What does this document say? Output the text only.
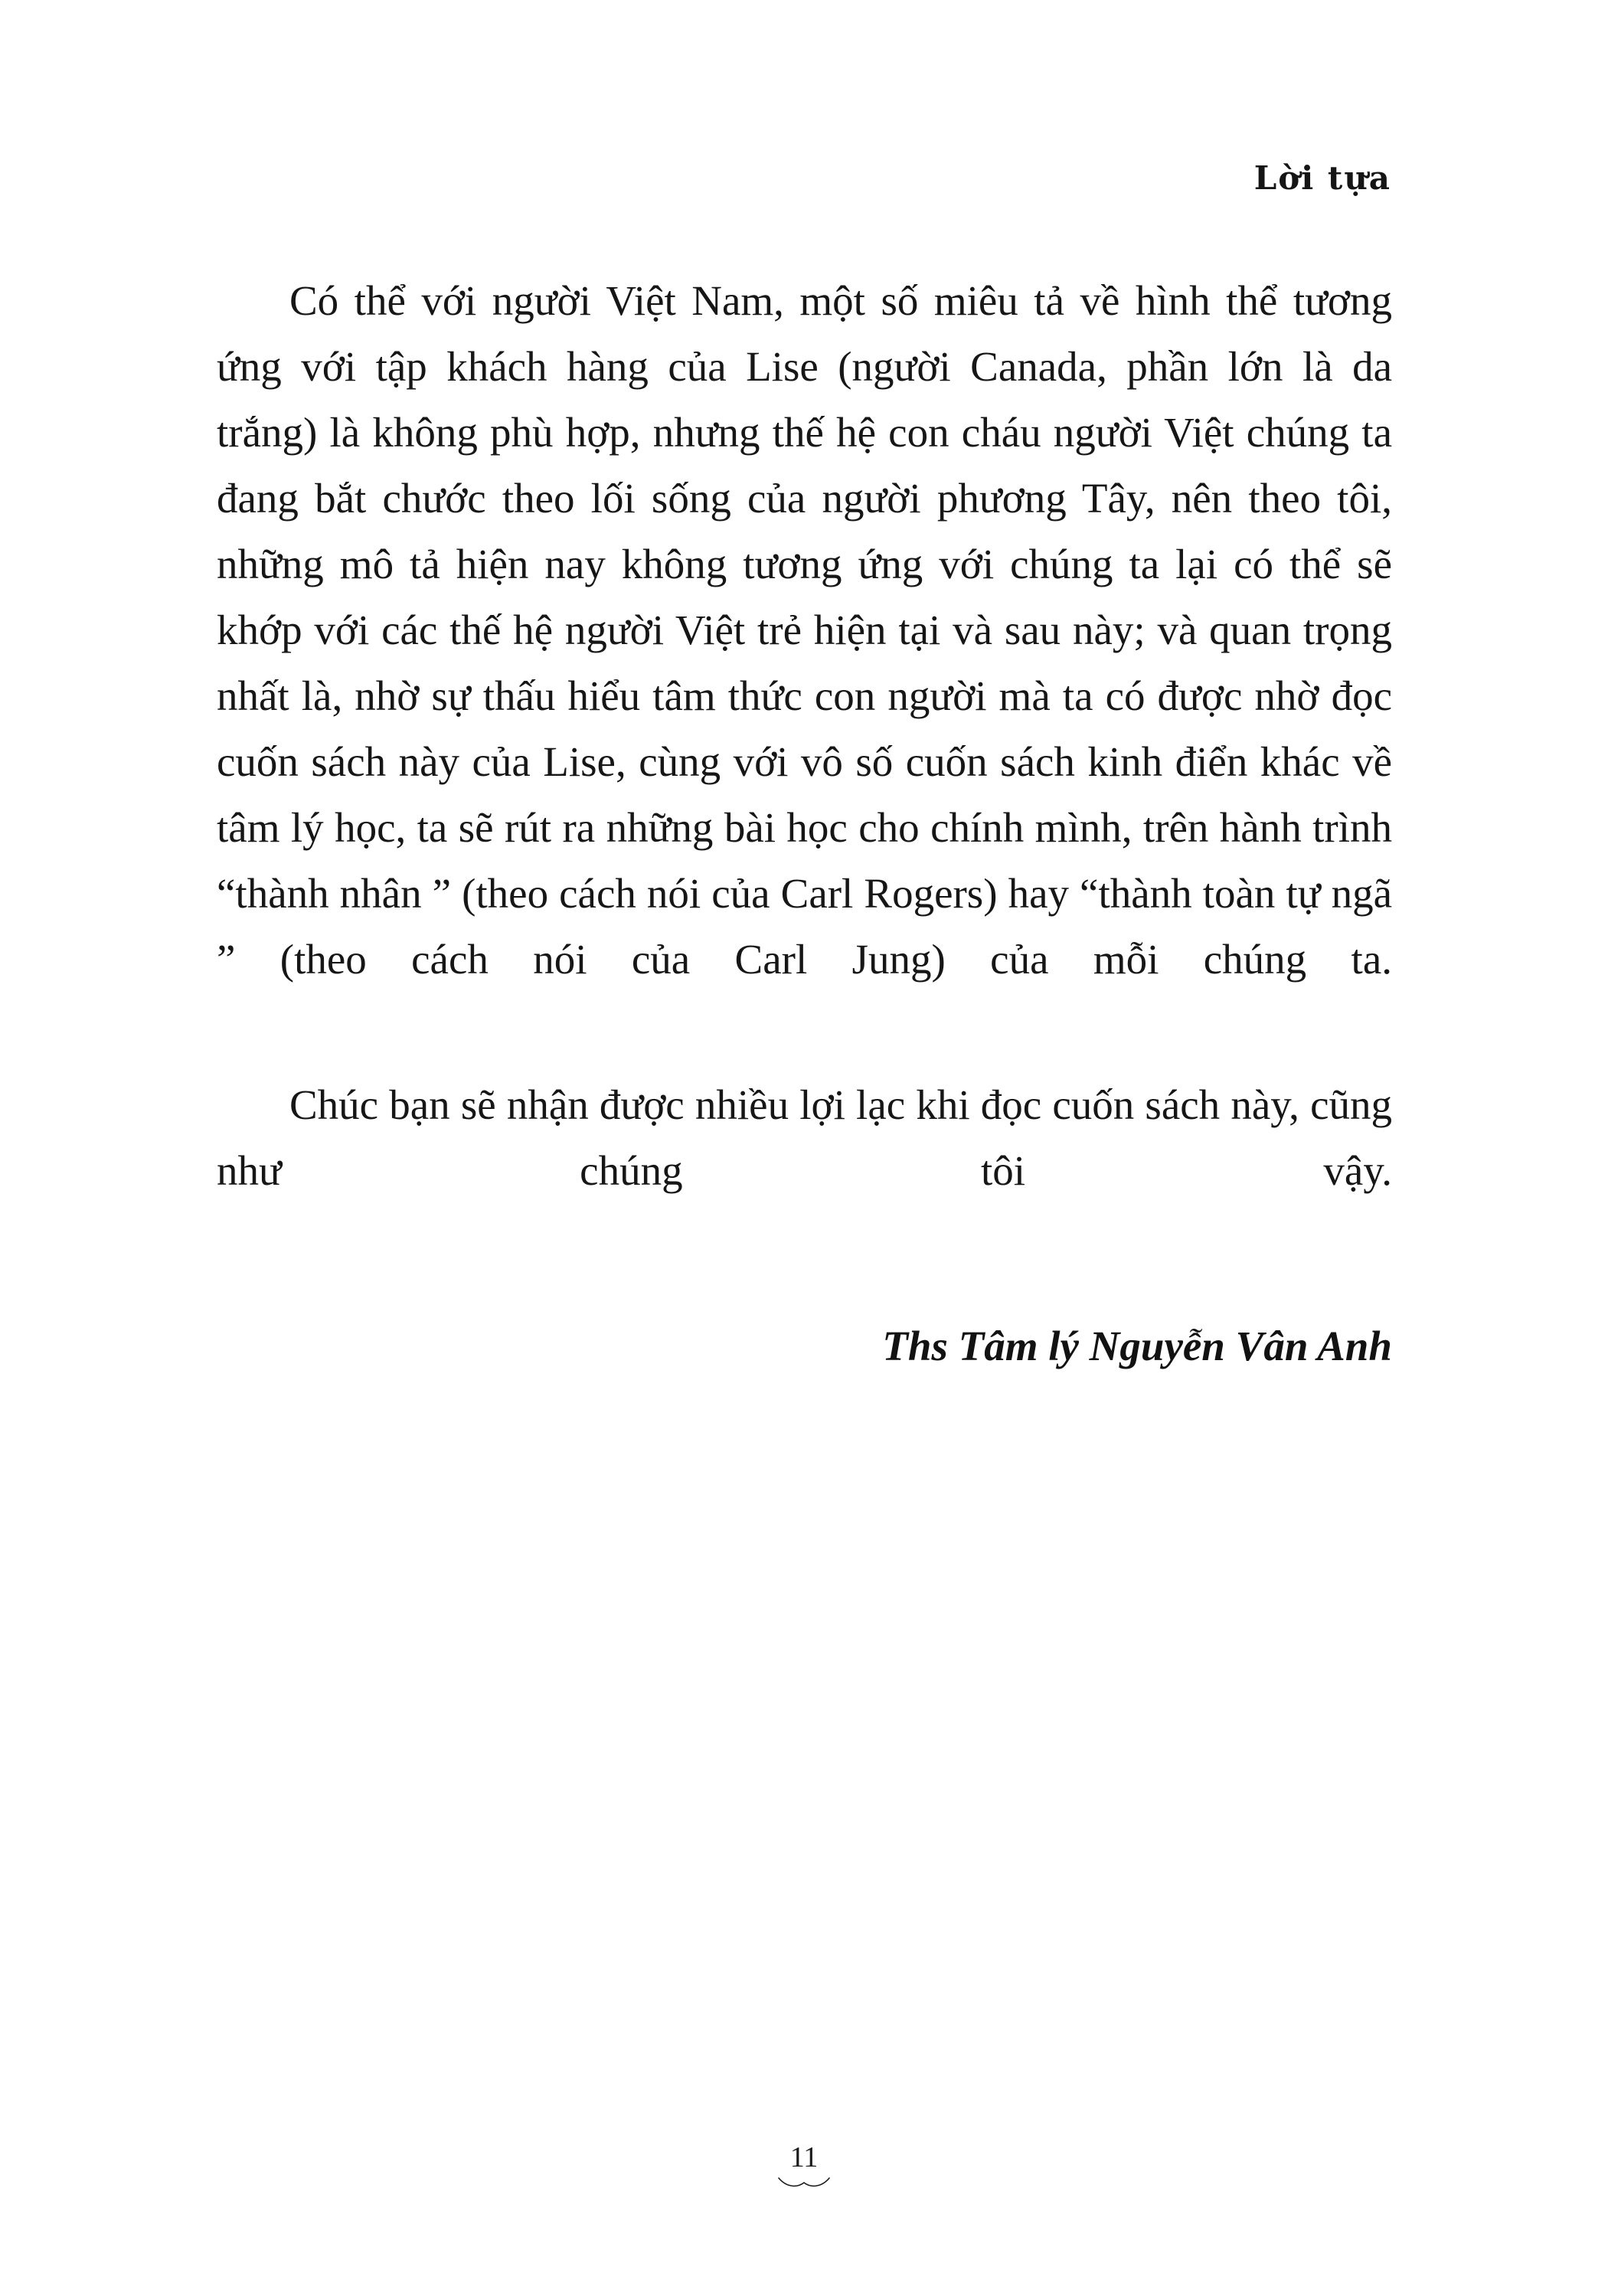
Lời tựa

Có thể với người Việt Nam, một số miêu tả về hình thể tương ứng với tập khách hàng của Lise (người Canada, phần lớn là da trắng) là không phù hợp, nhưng thế hệ con cháu người Việt chúng ta đang bắt chước theo lối sống của người phương Tây, nên theo tôi, những mô tả hiện nay không tương ứng với chúng ta lại có thể sẽ khớp với các thế hệ người Việt trẻ hiện tại và sau này; và quan trọng nhất là, nhờ sự thấu hiểu tâm thức con người mà ta có được nhờ đọc cuốn sách này của Lise, cùng với vô số cuốn sách kinh điển khác về tâm lý học, ta sẽ rút ra những bài học cho chính mình, trên hành trình “thành nhân ” (theo cách nói của Carl Rogers) hay “thành toàn tự ngã ” (theo cách nói của Carl Jung) của mỗi chúng ta.

Chúc bạn sẽ nhận được nhiều lợi lạc khi đọc cuốn sách này, cũng như chúng tôi vậy.

Ths Tâm lý Nguyễn Vân Anh
11
